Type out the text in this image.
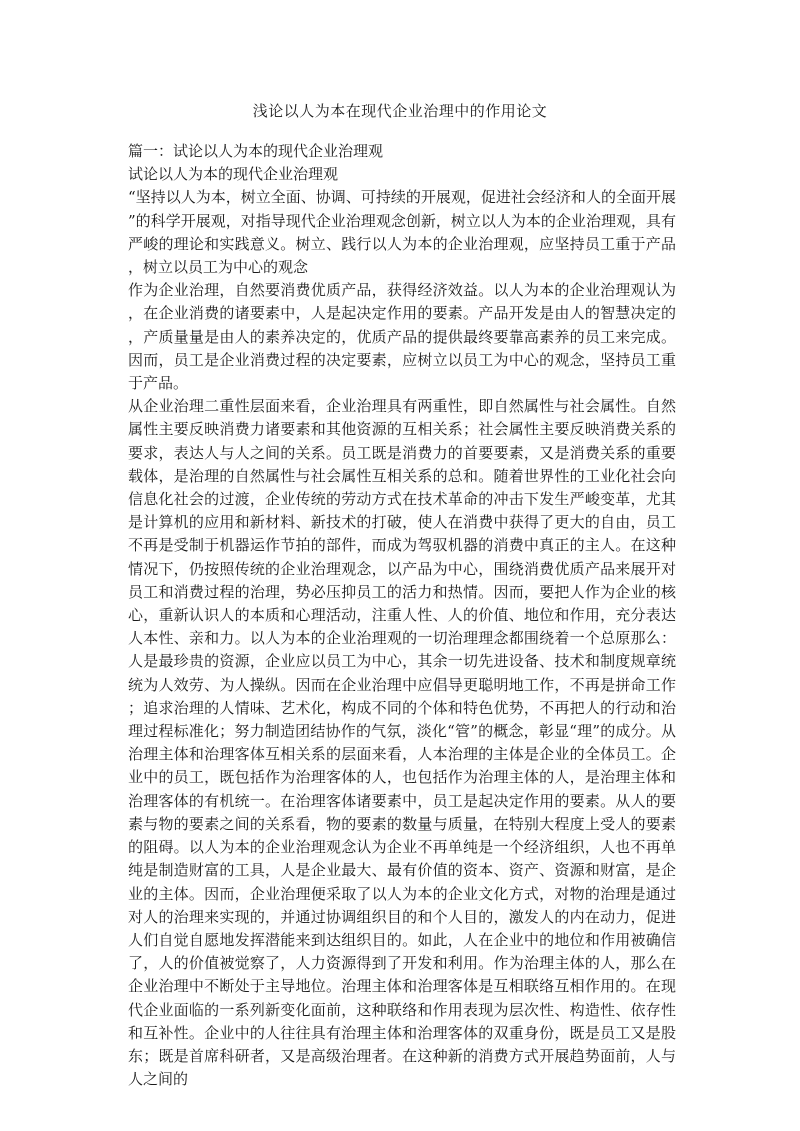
浅论以人为本在现代企业治理中的作用论文

篇一：试论以人为本的现代企业治理观

试论以人为本的现代企业治理观

“坚持以人为本，树立全面、协调、可持续的开展观，促进社会经济和人的全面开展”的科学开展观，对指导现代企业治理观念创新，树立以人为本的企业治理观，具有严峻的理论和实践意义。树立、践行以人为本的企业治理观，应坚持员工重于产品，树立以员工为中心的观念

作为企业治理，自然要消费优质产品，获得经济效益。以人为本的企业治理观认为，在企业消费的诸要素中，人是起决定作用的要素。产品开发是由人的智慧决定的，产质量量是由人的素养决定的，优质产品的提供最终要靠高素养的员工来完成。因而，员工是企业消费过程的决定要素，应树立以员工为中心的观念，坚持员工重于产品。

从企业治理二重性层面来看，企业治理具有两重性，即自然属性与社会属性。自然属性主要反映消费力诸要素和其他资源的互相关系；社会属性主要反映消费关系的要求，表达人与人之间的关系。员工既是消费力的首要要素，又是消费关系的重要载体，是治理的自然属性与社会属性互相关系的总和。随着世界性的工业化社会向信息化社会的过渡，企业传统的劳动方式在技术革命的冲击下发生严峻变革，尤其是计算机的应用和新材料、新技术的打破，使人在消费中获得了更大的自由，员工不再是受制于机器运作节拍的部件，而成为驾驭机器的消费中真正的主人。在这种情况下，仍按照传统的企业治理观念，以产品为中心，围绕消费优质产品来展开对员工和消费过程的治理，势必压抑员工的活力和热情。因而，要把人作为企业的核心，重新认识人的本质和心理活动，注重人性、人的价值、地位和作用，充分表达人本性、亲和力。以人为本的企业治理观的一切治理理念都围绕着一个总原那么：人是最珍贵的资源，企业应以员工为中心，其余一切先进设备、技术和制度规章统统为人效劳、为人操纵。因而在企业治理中应倡导更聪明地工作，不再是拼命工作；追求治理的人情味、艺术化，构成不同的个体和特色优势，不再把人的行动和治理过程标准化；努力制造团结协作的气氛，淡化“管”的概念，彰显“理”的成分。从治理主体和治理客体互相关系的层面来看，人本治理的主体是企业的全体员工。企业中的员工，既包括作为治理客体的人，也包括作为治理主体的人，是治理主体和治理客体的有机统一。在治理客体诸要素中，员工是起决定作用的要素。从人的要素与物的要素之间的关系看，物的要素的数量与质量，在特别大程度上受人的要素的阻碍。以人为本的企业治理观念认为企业不再单纯是一个经济组织，人也不再单纯是制造财富的工具，人是企业最大、最有价值的资本、资产、资源和财富，是企业的主体。因而，企业治理便采取了以人为本的企业文化方式，对物的治理是通过对人的治理来实现的，并通过协调组织目的和个人目的，激发人的内在动力，促进人们自觉自愿地发挥潜能来到达组织目的。如此，人在企业中的地位和作用被确信了，人的价值被觉察了，人力资源得到了开发和利用。作为治理主体的人，那么在企业治理中不断处于主导地位。治理主体和治理客体是互相联络互相作用的。在现代企业面临的一系列新变化面前，这种联络和作用表现为层次性、构造性、依存性和互补性。企业中的人往往具有治理主体和治理客体的双重身份，既是员工又是股东；既是首席科研者，又是高级治理者。在这种新的消费方式开展趋势面前，人与人之间的
